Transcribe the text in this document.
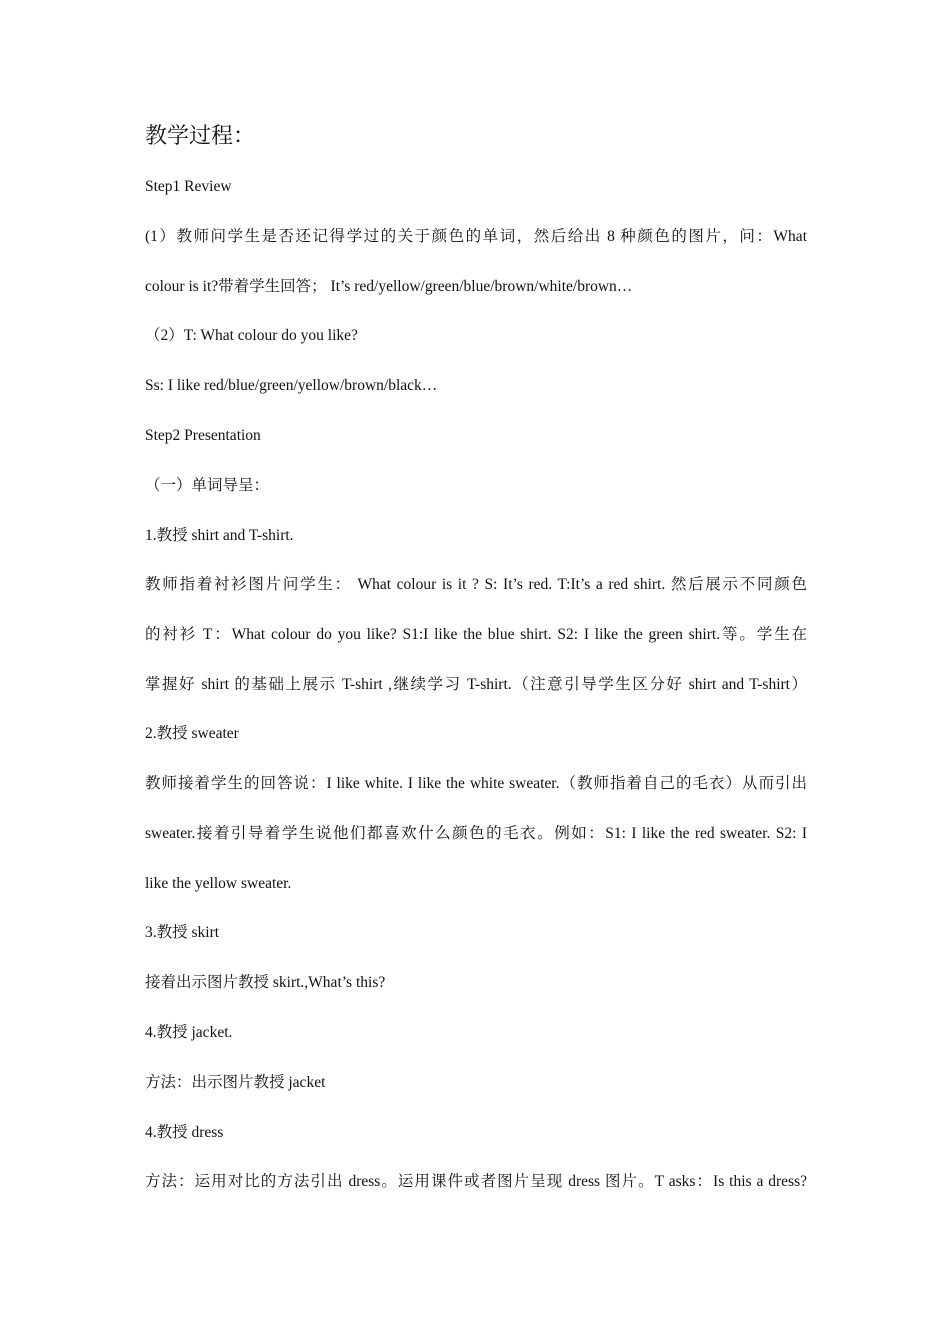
教学过程：
Step1 Review
(1）教师问学生是否还记得学过的关于颜色的单词，然后给出 8 种颜色的图片，问：What
colour is it?带着学生回答； It’s red/yellow/green/blue/brown/white/brown…
（2）T: What colour do you like?
Ss: I like red/blue/green/yellow/brown/black…
Step2 Presentation
（一）单词导呈：
1.教授 shirt and T-shirt.
教师指着衬衫图片问学生： What colour is it ? S: It’s red. T:It’s a red shirt. 然后展示不同颜色
的衬衫 T：What colour do you like? S1:I like the blue shirt. S2: I like the green shirt.等。学生在
掌握好 shirt 的基础上展示 T-shirt ,继续学习 T-shirt.（注意引导学生区分好 shirt and T-shirt）
2.教授 sweater
教师接着学生的回答说：I like white. I like the white sweater.（教师指着自己的毛衣）从而引出
sweater.接着引导着学生说他们都喜欢什么颜色的毛衣。例如：S1: I like the red sweater. S2: I
like the yellow sweater.
3.教授 skirt
接着出示图片教授 skirt.,What’s this?
4.教授 jacket.
方法：出示图片教授 jacket
4.教授 dress
方法：运用对比的方法引出 dress。运用课件或者图片呈现 dress 图片。T asks：Is this a dress?
